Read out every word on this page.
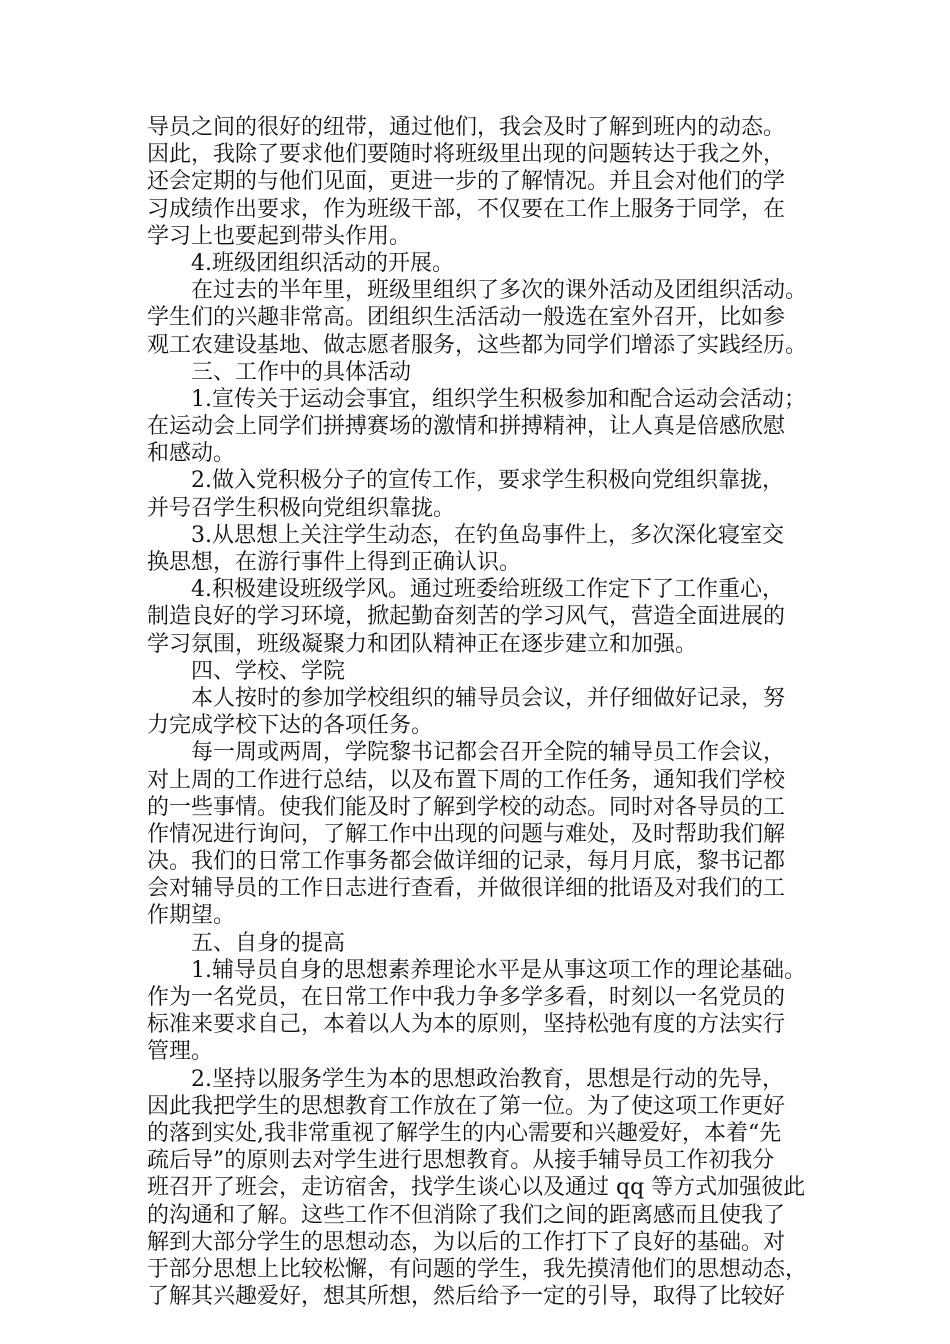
导员之间的很好的纽带，通过他们，我会及时了解到班内的动态。
因此，我除了要求他们要随时将班级里出现的问题转达于我之外，
还会定期的与他们见面，更进一步的了解情况。并且会对他们的学
习成绩作出要求，作为班级干部，不仅要在工作上服务于同学，在
学习上也要起到带头作用。
4.班级团组织活动的开展。
在过去的半年里，班级里组织了多次的课外活动及团组织活动。
学生们的兴趣非常高。团组织生活活动一般选在室外召开，比如参
观工农建设基地、做志愿者服务，这些都为同学们增添了实践经历。
三、工作中的具体活动
1.宣传关于运动会事宜，组织学生积极参加和配合运动会活动；
在运动会上同学们拼搏赛场的激情和拼搏精神，让人真是倍感欣慰
和感动。
2.做入党积极分子的宣传工作，要求学生积极向党组织靠拢，
并号召学生积极向党组织靠拢。
3.从思想上关注学生动态，在钓鱼岛事件上，多次深化寝室交
换思想，在游行事件上得到正确认识。
4.积极建设班级学风。通过班委给班级工作定下了工作重心，
制造良好的学习环境，掀起勤奋刻苦的学习风气，营造全面进展的
学习氛围，班级凝聚力和团队精神正在逐步建立和加强。
四、学校、学院
本人按时的参加学校组织的辅导员会议，并仔细做好记录，努
力完成学校下达的各项任务。
每一周或两周，学院黎书记都会召开全院的辅导员工作会议，
对上周的工作进行总结，以及布置下周的工作任务，通知我们学校
的一些事情。使我们能及时了解到学校的动态。同时对各导员的工
作情况进行询问，了解工作中出现的问题与难处，及时帮助我们解
决。我们的日常工作事务都会做详细的记录，每月月底，黎书记都
会对辅导员的工作日志进行查看，并做很详细的批语及对我们的工
作期望。
五、自身的提高
1.辅导员自身的思想素养理论水平是从事这项工作的理论基础。
作为一名党员，在日常工作中我力争多学多看，时刻以一名党员的
标准来要求自己，本着以人为本的原则，坚持松弛有度的方法实行
管理。
2.坚持以服务学生为本的思想政治教育，思想是行动的先导，
因此我把学生的思想教育工作放在了第一位。为了使这项工作更好
的落到实处,我非常重视了解学生的内心需要和兴趣爱好，本着“先
疏后导”的原则去对学生进行思想教育。从接手辅导员工作初我分
班召开了班会，走访宿舍，找学生谈心以及通过 qq 等方式加强彼此
的沟通和了解。这些工作不但消除了我们之间的距离感而且使我了
解到大部分学生的思想动态，为以后的工作打下了良好的基础。对
于部分思想上比较松懈，有问题的学生，我先摸清他们的思想动态，
了解其兴趣爱好，想其所想，然后给予一定的引导，取得了比较好
